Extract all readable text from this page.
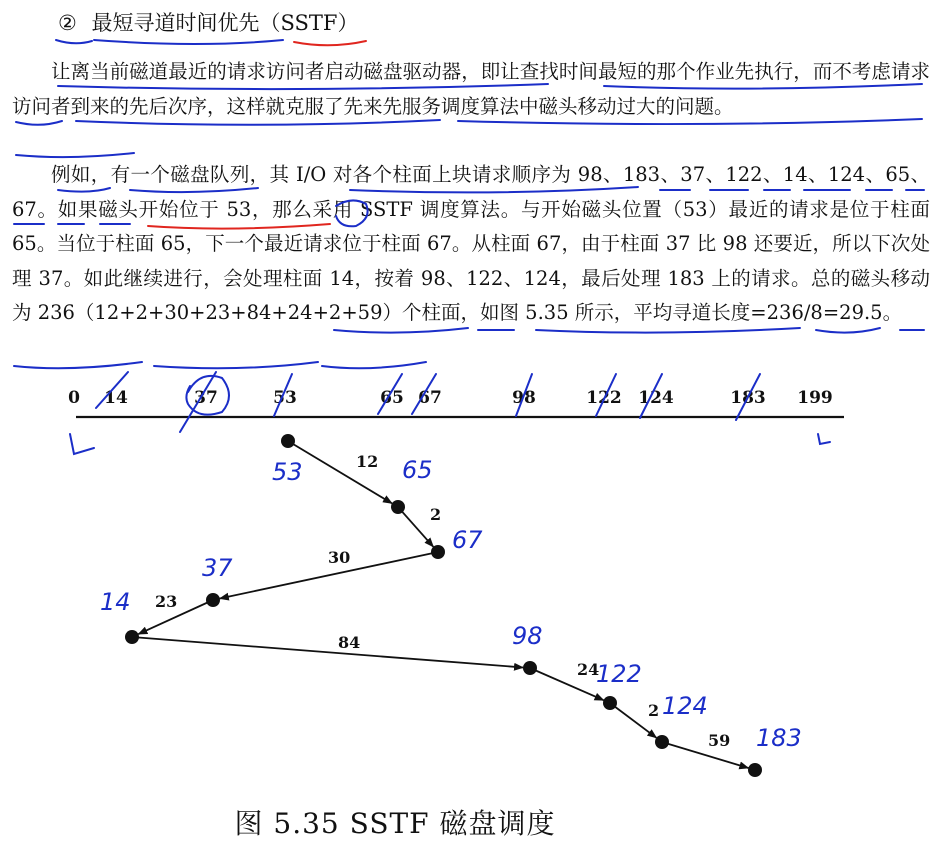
② 最短寻道时间优先（SSTF）

让离当前磁道最近的请求访问者启动磁盘驱动器，即让查找时间最短的那个作业先执行，而不考虑请求访问者到来的先后次序，这样就克服了先来先服务调度算法中磁头移动过大的问题。

例如，有一个磁盘队列，其 I/O 对各个柱面上块请求顺序为 98、183、37、122、14、124、65、67。如果磁头开始位于 53，那么采用 SSTF 调度算法。与开始磁头位置（53）最近的请求是位于柱面 65。当位于柱面 65，下一个最近请求位于柱面 67。从柱面 67，由于柱面 37 比 98 还要近，所以下次处理 37。如此继续进行，会处理柱面 14，按着 98、122、124，最后处理 183 上的请求。总的磁头移动为 236（12+2+30+23+84+24+2+59）个柱面，如图 5.35 所示，平均寻道长度=236/8=29.5。

0 14	37	53	65 67	98	122 124	183 199
12
2
30
23
84
24
2
59
53	65
67
37
14
98
122
124
183
图 5.35 SSTF 磁盘调度
